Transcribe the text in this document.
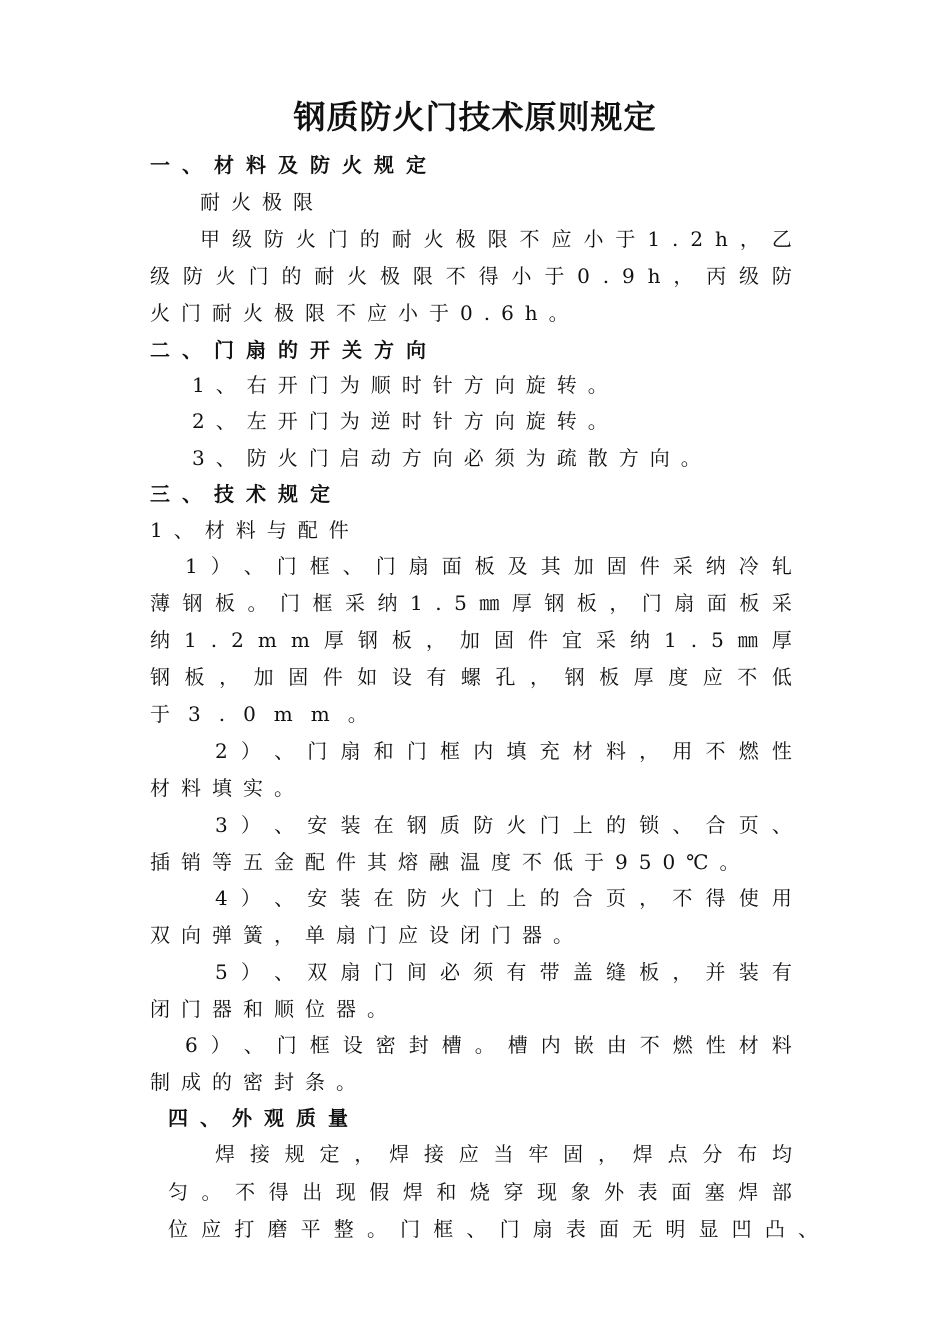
钢质防火门技术原则规定
一、材料及防火规定
耐火极限
甲 级 防 火 门 的 耐 火 极 限 不 应 小 于 1 . 2 h ， 乙
级 防 火 门 的 耐 火 极 限 不 得 小 于 0 . 9 h ， 丙 级 防
火门耐火极限不应小于0.6h。
二、门扇的开关方向
1、右开门为顺时针方向旋转。
2、左开门为逆时针方向旋转。
3、防火门启动方向必须为疏散方向。
三、技术规定
1、材料与配件
1 ） 、 门 框 、 门 扇 面 板 及 其 加 固 件 采 纳 冷 轧
薄 钢 板 。 门 框 采 纳 1 . 5 ㎜ 厚 钢 板 ， 门 扇 面 板 采
纳 1 . 2 m m 厚 钢 板 ， 加 固 件 宜 采 纳 1 . 5 ㎜ 厚
钢 板 ， 加 固 件 如 设 有 螺 孔 ， 钢 板 厚 度 应 不 低
于3.0mm。
2 ） 、 门 扇 和 门 框 内 填 充 材 料 ， 用 不 燃 性
材料填实。
3 ） 、 安 装 在 钢 质 防 火 门 上 的 锁 、 合 页 、
插销等五金配件其熔融温度不低于950℃。
4 ） 、 安 装 在 防 火 门 上 的 合 页 ， 不 得 使 用
双向弹簧，单扇门应设闭门器。
5 ） 、 双 扇 门 间 必 须 有 带 盖 缝 板 ， 并 装 有
闭门器和顺位器。
6 ） 、 门 框 设 密 封 槽 。 槽 内 嵌 由 不 燃 性 材 料
制成的密封条。
四、外观质量
焊 接 规 定 ， 焊 接 应 当 牢 固 ， 焊 点 分 布 均
匀 。 不 得 出 现 假 焊 和 烧 穿 现 象 外 表 面 塞 焊 部
位 应 打 磨 平 整 。 门 框 、 门 扇 表 面 无 明 显 凹 凸 、
